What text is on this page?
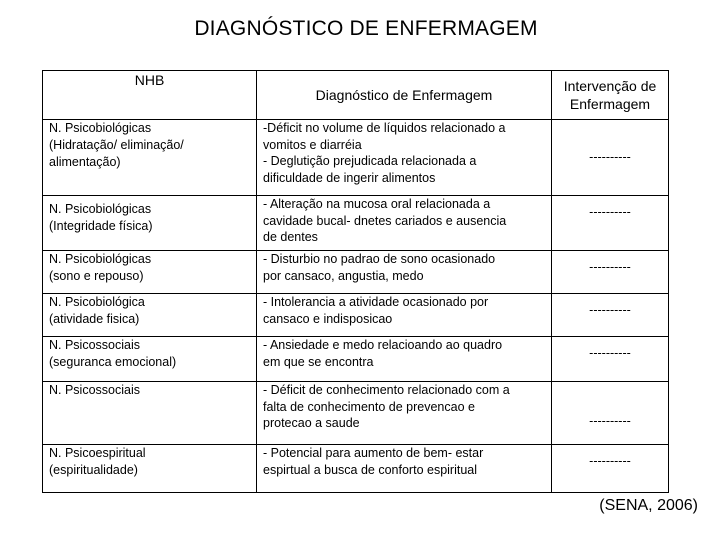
DIAGNÓSTICO DE ENFERMAGEM
NHB	Diagnóstico de Enfermagem	Intervenção de
Enfermagem

N. Psicobiológicas
(Hidratação/ eliminação/
alimentação)	-Déficit no volume de líquidos relacionado a
vomitos e diarréia
- Deglutição prejudicada relacionada a
dificuldade de ingerir alimentos	----------

N. Psicobiológicas
(Integridade física)	- Alteração na mucosa oral relacionada a
cavidade bucal- dnetes cariados e ausencia
de dentes	----------

N. Psicobiológicas
(sono e repouso)	- Disturbio no padrao de sono ocasionado
por cansaco, angustia, medo	----------

N. Psicobiológica
(atividade fisica)	- Intolerancia a atividade ocasionado por
cansaco e indisposicao	----------

N. Psicossociais
(seguranca emocional)	- Ansiedade e medo relacioando ao quadro
em que se encontra	----------

N. Psicossociais	- Déficit de conhecimento relacionado com a
falta de conhecimento de prevencao e
protecao a saude	----------

N. Psicoespiritual
(espiritualidade)	- Potencial para aumento de bem- estar
espirtual a busca de conforto espiritual	----------
(SENA, 2006)
